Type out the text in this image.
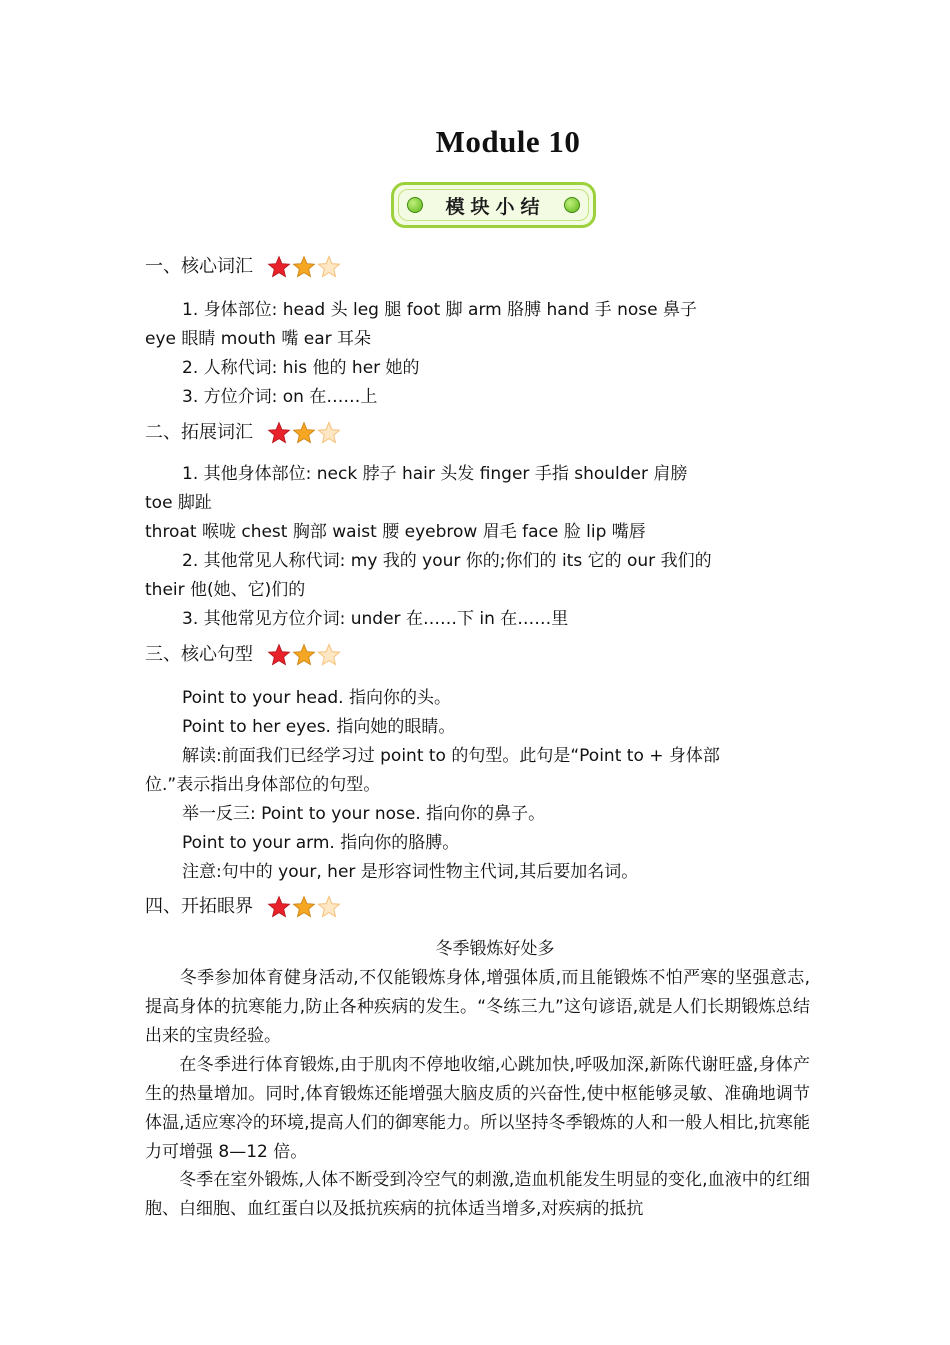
Module 10
模块小结
一、核心词汇
1. 身体部位: head 头 leg 腿 foot 脚 arm 胳膊 hand 手 nose 鼻子
eye 眼睛 mouth 嘴 ear 耳朵
2. 人称代词: his 他的 her 她的
3. 方位介词: on 在……上
二、拓展词汇
1. 其他身体部位: neck 脖子 hair 头发 finger 手指 shoulder 肩膀
toe 脚趾
throat 喉咙 chest 胸部 waist 腰 eyebrow 眉毛 face 脸 lip 嘴唇
2. 其他常见人称代词: my 我的 your 你的;你们的 its 它的 our 我们的
their 他(她、它)们的
3. 其他常见方位介词: under 在……下 in 在……里
三、核心句型
Point to your head. 指向你的头。
Point to her eyes. 指向她的眼睛。
解读:前面我们已经学习过 point to 的句型。此句是“Point to + 身体部
位.”表示指出身体部位的句型。
举一反三: Point to your nose. 指向你的鼻子。
Point to your arm. 指向你的胳膊。
注意:句中的 your, her 是形容词性物主代词,其后要加名词。
四、开拓眼界
冬季锻炼好处多
　　冬季参加体育健身活动,不仅能锻炼身体,增强体质,而且能锻炼不怕严寒的坚强意志,提高身体的抗寒能力,防止各种疾病的发生。“冬练三九”这句谚语,就是人们长期锻炼总结出来的宝贵经验。
　　在冬季进行体育锻炼,由于肌肉不停地收缩,心跳加快,呼吸加深,新陈代谢旺盛,身体产生的热量增加。同时,体育锻炼还能增强大脑皮质的兴奋性,使中枢能够灵敏、准确地调节体温,适应寒冷的环境,提高人们的御寒能力。所以坚持冬季锻炼的人和一般人相比,抗寒能力可增强 8—12 倍。
　　冬季在室外锻炼,人体不断受到冷空气的刺激,造血机能发生明显的变化,血液中的红细胞、白细胞、血红蛋白以及抵抗疾病的抗体适当增多,对疾病的抵抗
